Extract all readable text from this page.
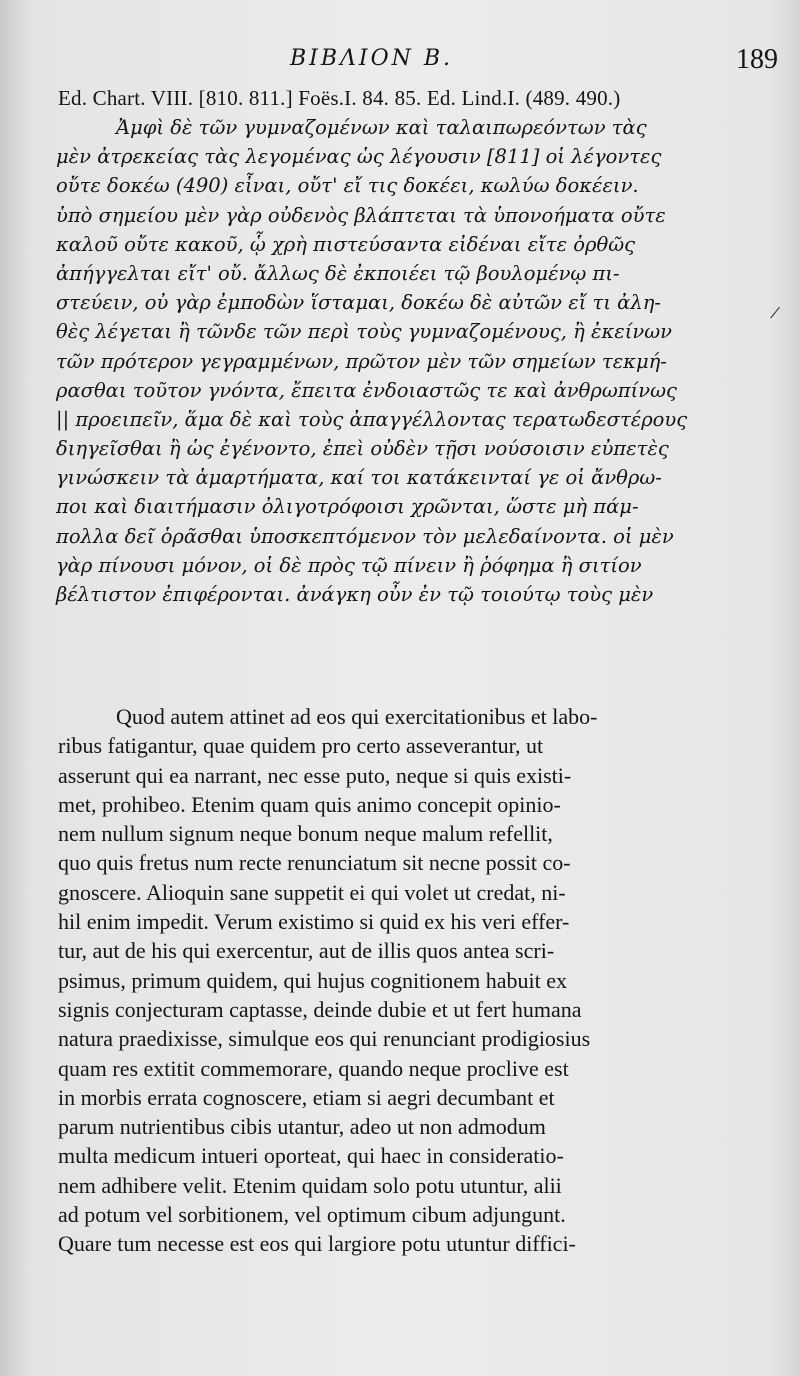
ΒΙΒΛΙΟΝ Β.	189
Ed. Chart. VIII. [810. 811.] Foës.I. 84. 85. Ed. Lind.I. (489. 490.)
/
Ἀμφὶ δὲ τῶν γυμναζομένων καὶ ταλαιπωρεόντων τὰς
μὲν ἀτρεκείας τὰς λεγομένας ὡς λέγουσιν [811] οἱ λέγοντες
οὔτε δοκέω (490) εἶναι, οὔτ' εἴ τις δοκέει, κωλύω δοκέειν.
ὑπὸ σημείου μὲν γὰρ οὐδενὸς βλάπτεται τὰ ὑπονοήματα οὔτε
καλοῦ οὔτε κακοῦ, ᾧ χρὴ πιστεύσαντα εἰδέναι εἴτε ὀρθῶς
ἀπήγγελται εἴτ' οὔ. ἄλλως δὲ ἐκποιέει τῷ βουλομένῳ πι-
στεύειν, οὐ γὰρ ἐμποδὼν ἵσταμαι, δοκέω δὲ αὐτῶν εἴ τι ἀλη-
θὲς λέγεται ἢ τῶνδε τῶν περὶ τοὺς γυμναζομένους, ἢ ἐκείνων
τῶν πρότερον γεγραμμένων, πρῶτον μὲν τῶν σημείων τεκμή-
ρασθαι τοῦτον γνόντα, ἔπειτα ἐνδοιαστῶς τε καὶ ἀνθρωπίνως
|| προειπεῖν, ἅμα δὲ καὶ τοὺς ἀπαγγέλλοντας τερατωδεστέρους
διηγεῖσθαι ἢ ὡς ἐγένοντο, ἐπεὶ οὐδὲν τῇσι νούσοισιν εὐπετὲς
γινώσκειν τὰ ἁμαρτήματα, καί τοι κατάκεινταί γε οἱ ἄνθρω-
ποι καὶ διαιτήμασιν ὀλιγοτρόφοισι χρῶνται, ὥστε μὴ πάμ-
πολλα δεῖ ὁρᾶσθαι ὑποσκεπτόμενον τὸν μελεδαίνοντα. οἱ μὲν
γὰρ πίνουσι μόνον, οἱ δὲ πρὸς τῷ πίνειν ἢ ῥόφημα ἢ σιτίον
βέλτιστον ἐπιφέρονται. ἀνάγκη οὖν ἐν τῷ τοιούτῳ τοὺς μὲν
Quod autem attinet ad eos qui exercitationibus et labo-
ribus fatigantur, quae quidem pro certo asseverantur, ut
asserunt qui ea narrant, nec esse puto, neque si quis existi-
met, prohibeo. Etenim quam quis animo concepit opinio-
nem nullum signum neque bonum neque malum refellit,
quo quis fretus num recte renunciatum sit necne possit co-
gnoscere. Alioquin sane suppetit ei qui volet ut credat, ni-
hil enim impedit. Verum existimo si quid ex his veri effer-
tur, aut de his qui exercentur, aut de illis quos antea scri-
psimus, primum quidem, qui hujus cognitionem habuit ex
signis conjecturam captasse, deinde dubie et ut fert humana
natura praedixisse, simulque eos qui renunciant prodigiosius
quam res extitit commemorare, quando neque proclive est
in morbis errata cognoscere, etiam si aegri decumbant et
parum nutrientibus cibis utantur, adeo ut non admodum
multa medicum intueri oporteat, qui haec in consideratio-
nem adhibere velit. Etenim quidam solo potu utuntur, alii
ad potum vel sorbitionem, vel optimum cibum adjungunt.
Quare tum necesse est eos qui largiore potu utuntur diffici-
